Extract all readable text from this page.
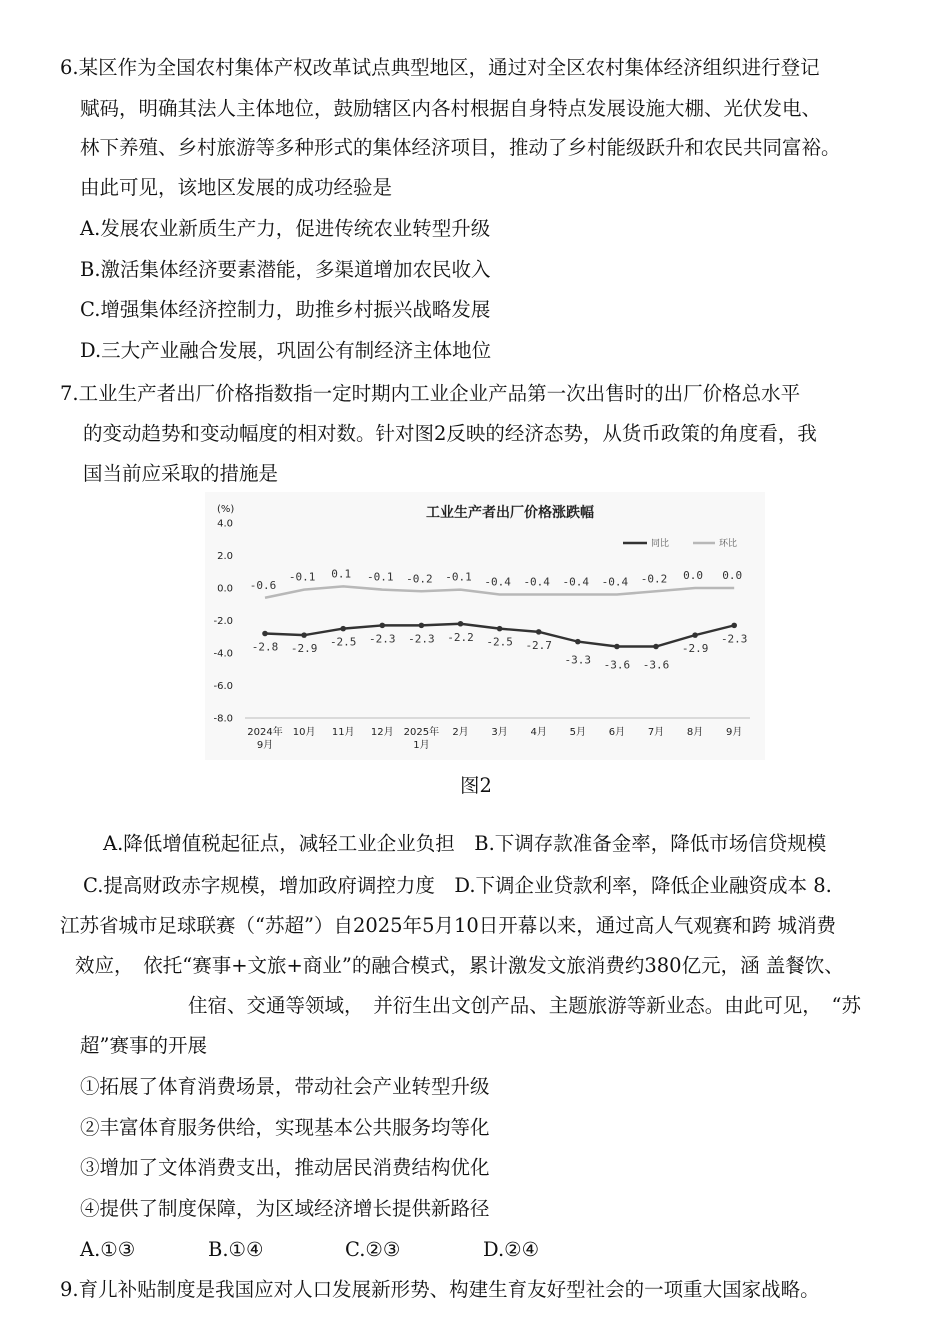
6.某区作为全国农村集体产权改革试点典型地区，通过对全区农村集体经济组织进行登记
赋码，明确其法人主体地位，鼓励辖区内各村根据自身特点发展设施大棚、光伏发电、
林下养殖、乡村旅游等多种形式的集体经济项目，推动了乡村能级跃升和农民共同富裕。
由此可见，该地区发展的成功经验是
A.发展农业新质生产力，促进传统农业转型升级
B.激活集体经济要素潜能，多渠道增加农民收入
C.增强集体经济控制力，助推乡村振兴战略发展
D.三大产业融合发展，巩固公有制经济主体地位
7.工业生产者出厂价格指数指一定时期内工业企业产品第一次出售时的出厂价格总水平
的变动趋势和变动幅度的相对数。针对图2反映的经济态势，从货币政策的角度看，我
国当前应采取的措施是
工业生产者出厂价格涨跌幅
(%)
同比	环比
4.0
2.0
0.0
-2.0
-4.0
-6.0
-8.0
2024年
9月
10月 11月 12月 2025年
1月
2月 3月 4月 5月 6月 7月 8月 9月
-2.8 -2.9 -2.5 -2.3 -2.3 -2.2 -2.5 -2.7
-3.3 -3.6 -3.6
-2.9
-2.3
-0.6
-0.1 0.1 -0.1 -0.2 -0.1 -0.4 -0.4 -0.4 -0.4 -0.2 0.0 0.0
图2
A.降低增值税起征点，减轻工业企业负担　B.下调存款准备金率，降低市场信贷规模
C.提高财政赤字规模，增加政府调控力度　D.下调企业贷款利率，降低企业融资成本 8.
江苏省城市足球联赛（“苏超”）自2025年5月10日开幕以来，通过高人气观赛和跨 城消费
效应，　依托“赛事+文旅+商业”的融合模式，累计激发文旅消费约380亿元，涵 盖餐饮、
住宿、交通等领域，　并衍生出文创产品、主题旅游等新业态。由此可见，　“苏
超”赛事的开展
①拓展了体育消费场景，带动社会产业转型升级
②丰富体育服务供给，实现基本公共服务均等化
③增加了文体消费支出，推动居民消费结构优化
④提供了制度保障，为区域经济增长提供新路径
A.①③	B.①④	C.②③	D.②④
9.育儿补贴制度是我国应对人口发展新形势、构建生育友好型社会的一项重大国家战略。
